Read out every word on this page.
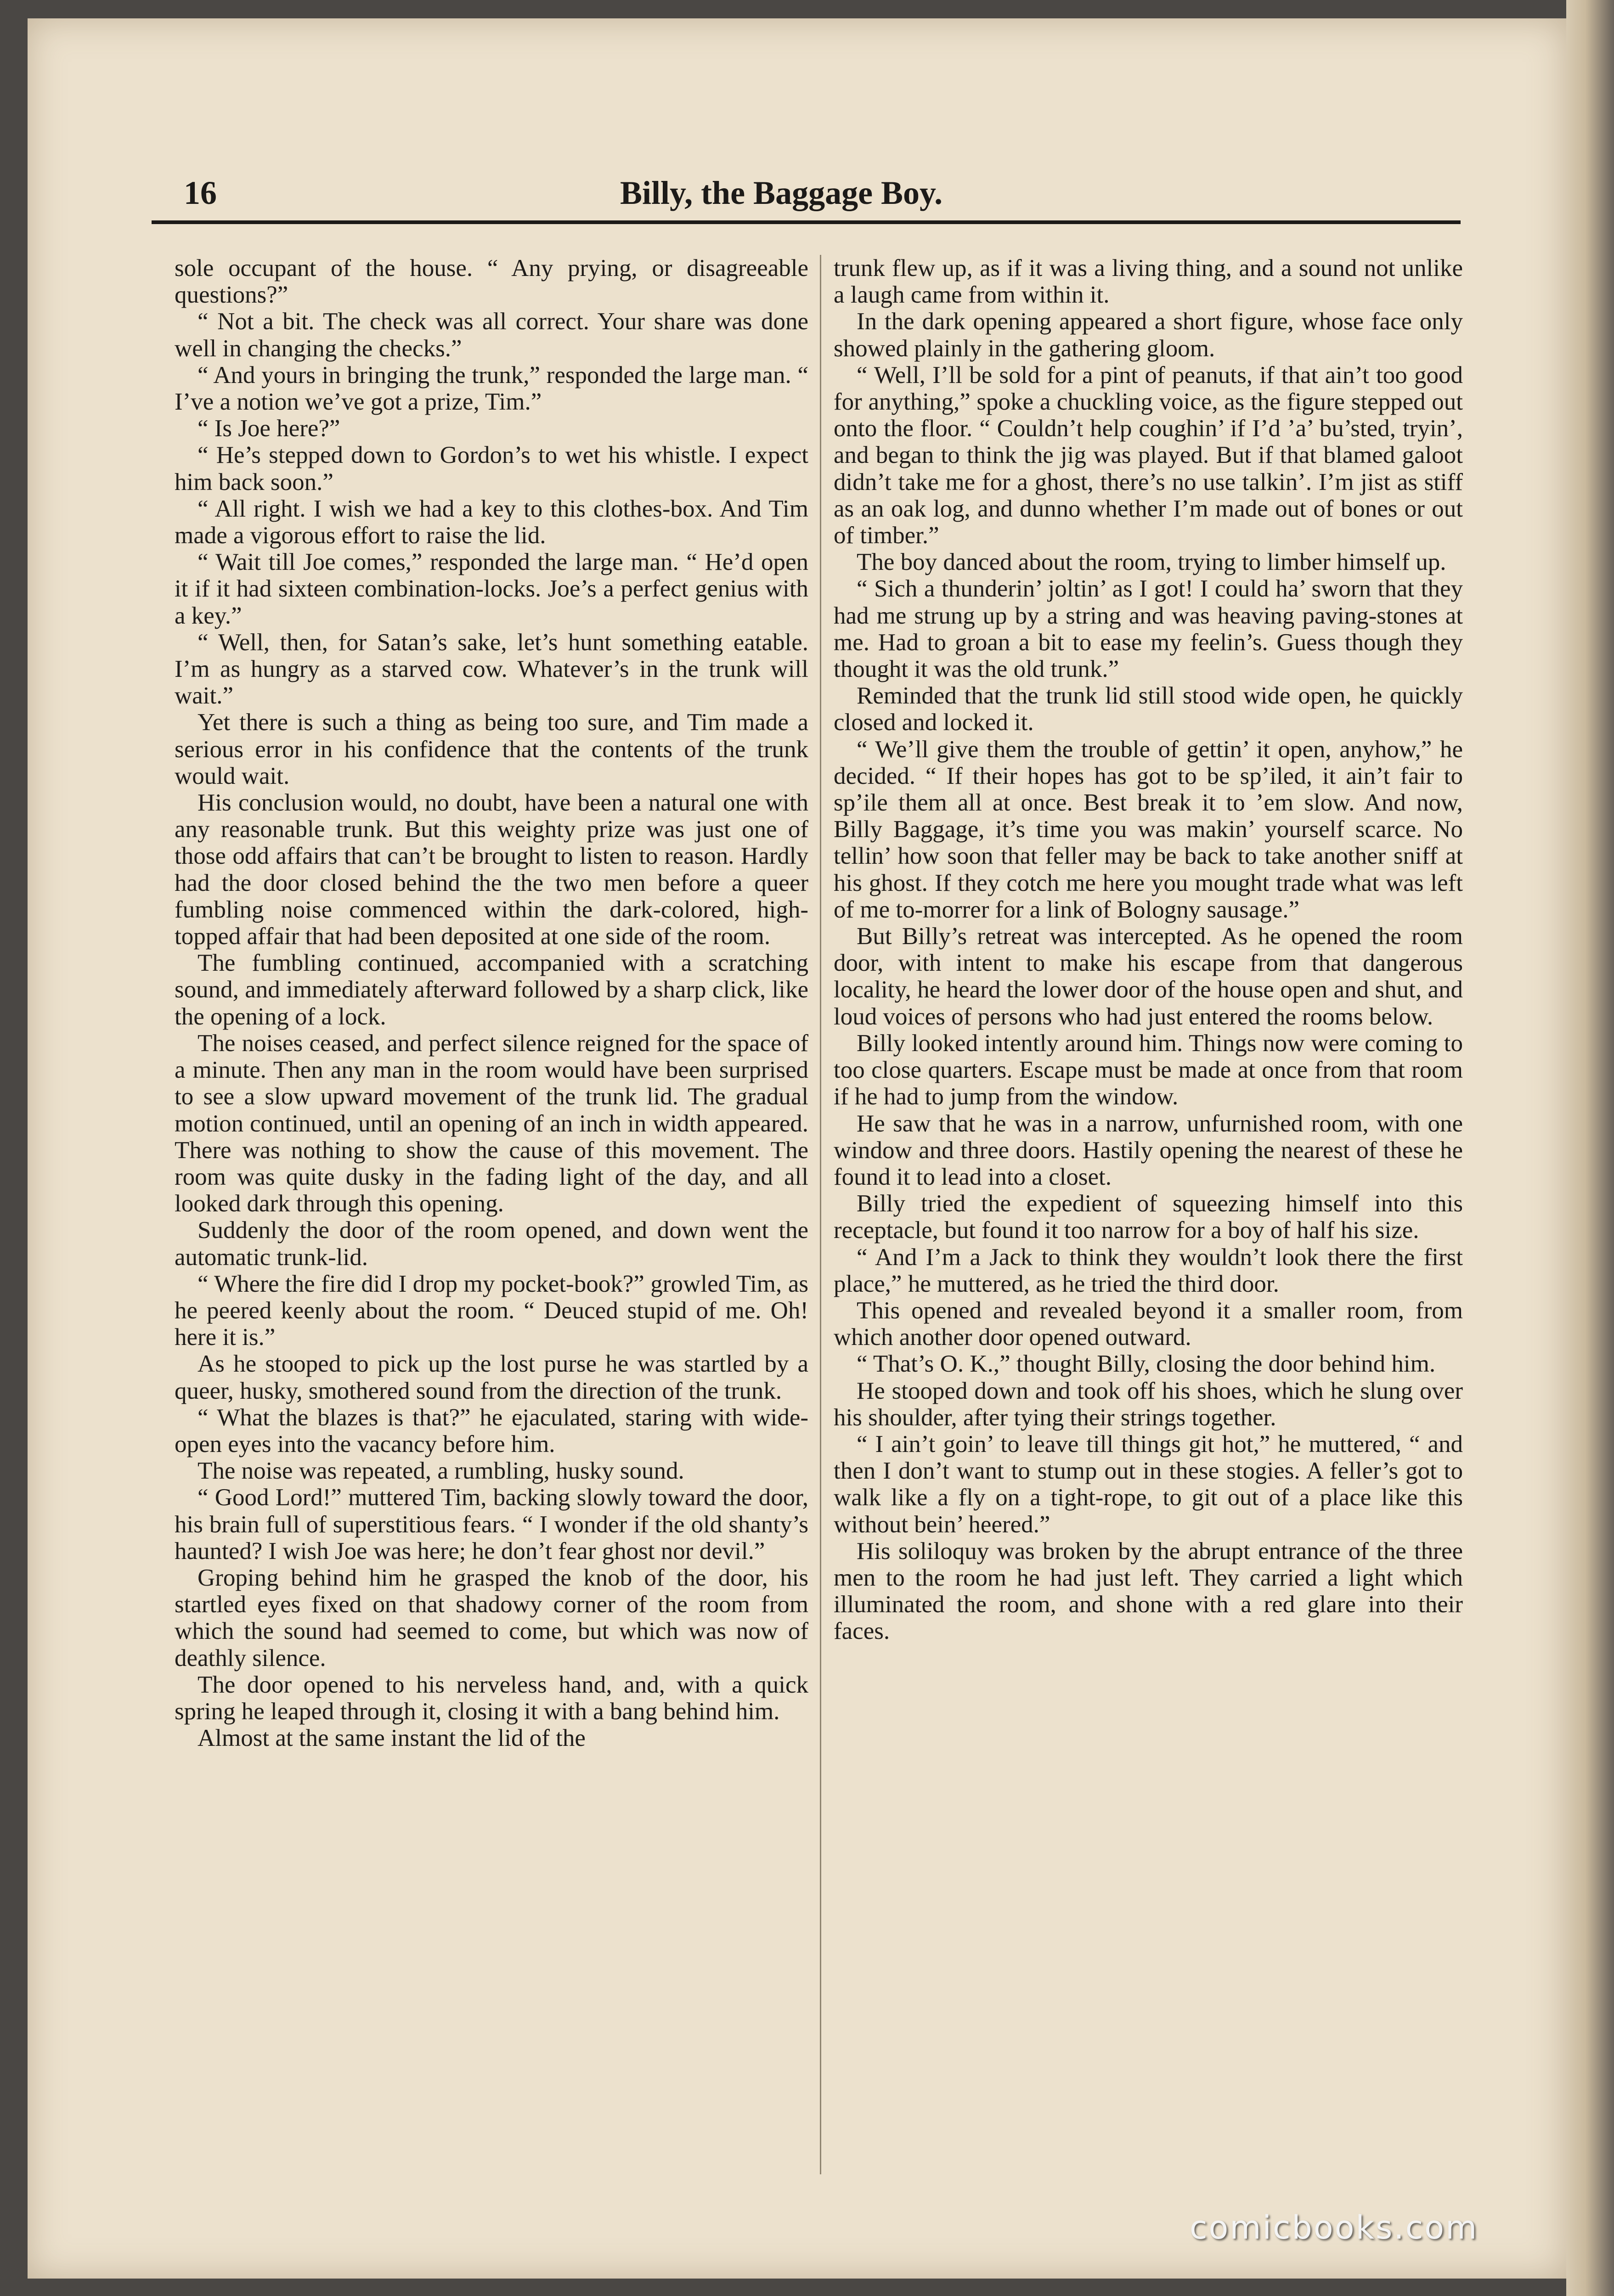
16	Billy, the Baggage Boy.

sole occupant of the house. “ Any prying, or disagreeable questions?”

“ Not a bit. The check was all correct. Your share was done well in changing the checks.”

“ And yours in bringing the trunk,” responded the large man. “ I’ve a notion we’ve got a prize, Tim.”

“ Is Joe here?”

“ He’s stepped down to Gordon’s to wet his whistle. I expect him back soon.”

“ All right. I wish we had a key to this clothes-box. And Tim made a vigorous effort to raise the lid.

“ Wait till Joe comes,” responded the large man. “ He’d open it if it had sixteen combination-locks. Joe’s a perfect genius with a key.”

“ Well, then, for Satan’s sake, let’s hunt something eatable. I’m as hungry as a starved cow. Whatever’s in the trunk will wait.”

Yet there is such a thing as being too sure, and Tim made a serious error in his confidence that the contents of the trunk would wait.

His conclusion would, no doubt, have been a natural one with any reasonable trunk. But this weighty prize was just one of those odd affairs that can’t be brought to listen to reason. Hardly had the door closed behind the the two men before a queer fumbling noise commenced within the dark-colored, high-topped affair that had been deposited at one side of the room.

The fumbling continued, accompanied with a scratching sound, and immediately afterward followed by a sharp click, like the opening of a lock.

The noises ceased, and perfect silence reigned for the space of a minute. Then any man in the room would have been surprised to see a slow upward movement of the trunk lid. The gradual motion continued, until an opening of an inch in width appeared. There was nothing to show the cause of this movement. The room was quite dusky in the fading light of the day, and all looked dark through this opening.

Suddenly the door of the room opened, and down went the automatic trunk-lid.

“ Where the fire did I drop my pocket-book?” growled Tim, as he peered keenly about the room. “ Deuced stupid of me. Oh! here it is.”

As he stooped to pick up the lost purse he was startled by a queer, husky, smothered sound from the direction of the trunk.

“ What the blazes is that?” he ejaculated, staring with wide-open eyes into the vacancy before him.

The noise was repeated, a rumbling, husky sound.

“ Good Lord!” muttered Tim, backing slowly toward the door, his brain full of superstitious fears. “ I wonder if the old shanty’s haunted? I wish Joe was here; he don’t fear ghost nor devil.”

Groping behind him he grasped the knob of the door, his startled eyes fixed on that shadowy corner of the room from which the sound had seemed to come, but which was now of deathly silence.

The door opened to his nerveless hand, and, with a quick spring he leaped through it, closing it with a bang behind him.

Almost at the same instant the lid of the

trunk flew up, as if it was a living thing, and a sound not unlike a laugh came from within it.

In the dark opening appeared a short figure, whose face only showed plainly in the gathering gloom.

“ Well, I’ll be sold for a pint of peanuts, if that ain’t too good for anything,” spoke a chuckling voice, as the figure stepped out onto the floor. “ Couldn’t help coughin’ if I’d ’a’ bu’sted, tryin’, and began to think the jig was played. But if that blamed galoot didn’t take me for a ghost, there’s no use talkin’. I’m jist as stiff as an oak log, and dunno whether I’m made out of bones or out of timber.”

The boy danced about the room, trying to limber himself up.

“ Sich a thunderin’ joltin’ as I got! I could ha’ sworn that they had me strung up by a string and was heaving paving-stones at me. Had to groan a bit to ease my feelin’s. Guess though they thought it was the old trunk.”

Reminded that the trunk lid still stood wide open, he quickly closed and locked it.

“ We’ll give them the trouble of gettin’ it open, anyhow,” he decided. “ If their hopes has got to be sp’iled, it ain’t fair to sp’ile them all at once. Best break it to ’em slow. And now, Billy Baggage, it’s time you was makin’ yourself scarce. No tellin’ how soon that feller may be back to take another sniff at his ghost. If they cotch me here you mought trade what was left of me to-morrer for a link of Bologny sausage.”

But Billy’s retreat was intercepted. As he opened the room door, with intent to make his escape from that dangerous locality, he heard the lower door of the house open and shut, and loud voices of persons who had just entered the rooms below.

Billy looked intently around him. Things now were coming to too close quarters. Escape must be made at once from that room if he had to jump from the window.

He saw that he was in a narrow, unfurnished room, with one window and three doors. Hastily opening the nearest of these he found it to lead into a closet.

Billy tried the expedient of squeezing himself into this receptacle, but found it too narrow for a boy of half his size.

“ And I’m a Jack to think they wouldn’t look there the first place,” he muttered, as he tried the third door.

This opened and revealed beyond it a smaller room, from which another door opened outward.

“ That’s O. K.,” thought Billy, closing the door behind him.

He stooped down and took off his shoes, which he slung over his shoulder, after tying their strings together.

“ I ain’t goin’ to leave till things git hot,” he muttered, “ and then I don’t want to stump out in these stogies. A feller’s got to walk like a fly on a tight-rope, to git out of a place like this without bein’ heered.”

His soliloquy was broken by the abrupt entrance of the three men to the room he had just left. They carried a light which illuminated the room, and shone with a red glare into their faces.

comicbooks.com
